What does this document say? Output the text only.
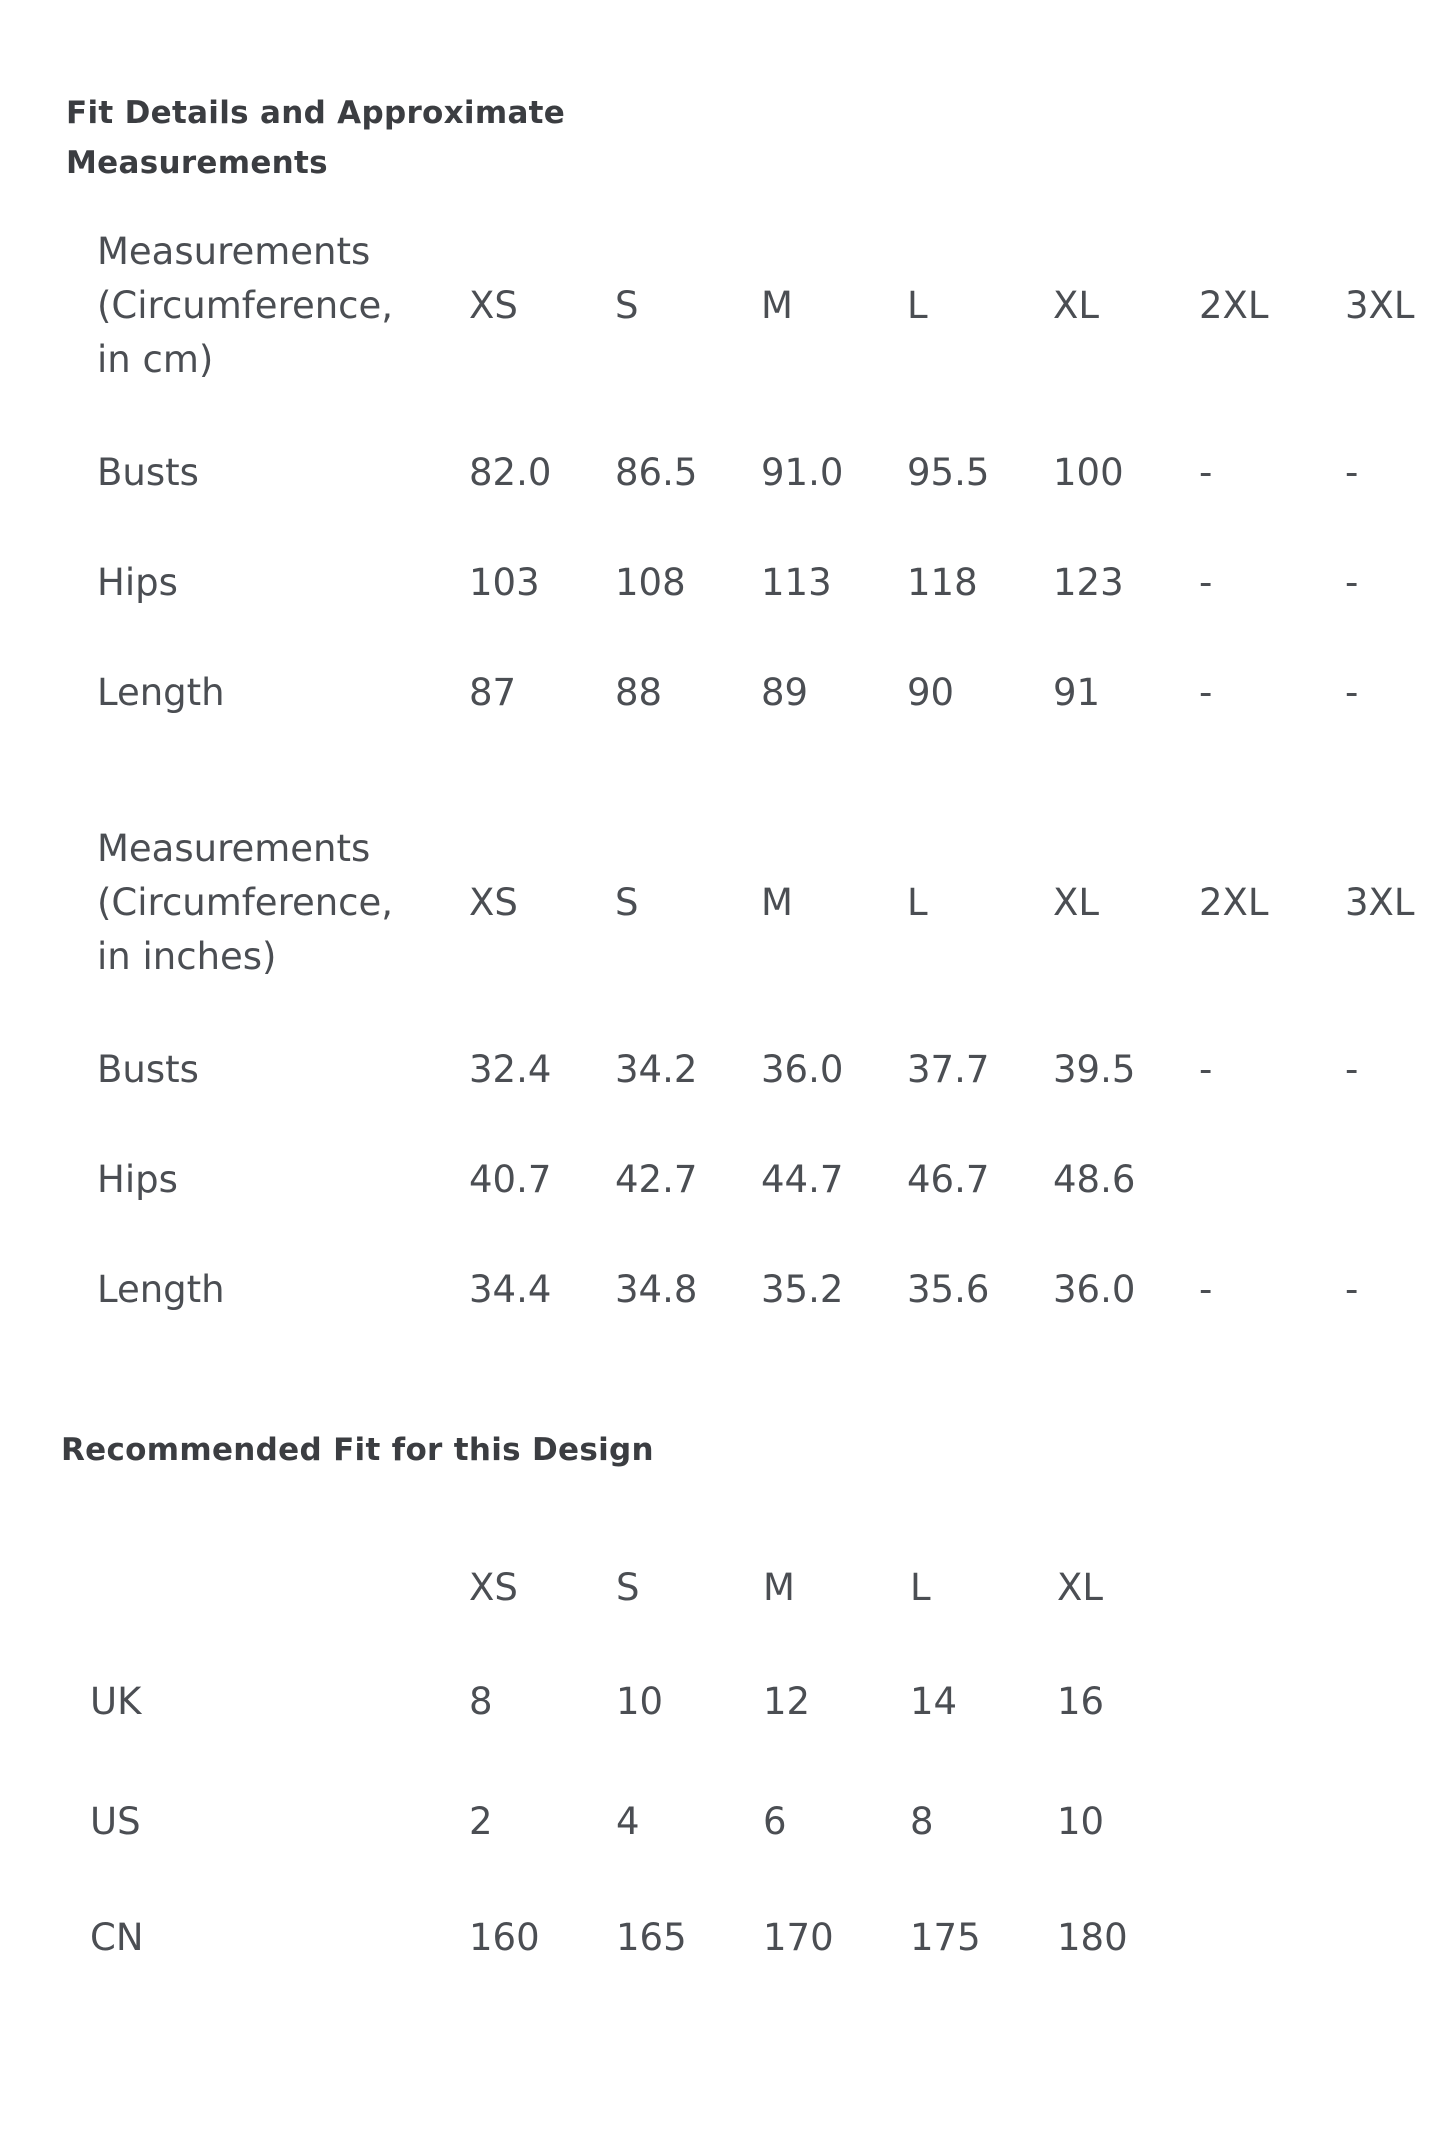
Fit Details and Approximate Measurements
Measurements
(Circumference,
in cm)
XS	S	M	L	XL	2XL	3XL
Busts	82.0	86.5	91.0	95.5	100	-	-
Hips	103	108	113	118	123	-	-
Length	87	88	89	90	91	-	-
Measurements
(Circumference,
in inches)
XS	S	M	L	XL	2XL	3XL
Busts	32.4	34.2	36.0	37.7	39.5	-	-
Hips	40.7	42.7	44.7	46.7	48.6
Length	34.4	34.8	35.2	35.6	36.0	-	-
Recommended Fit for this Design
XS	S	M	L	XL
UK	8	10	12	14	16
US	2	4	6	8	10
CN	160	165	170	175	180
